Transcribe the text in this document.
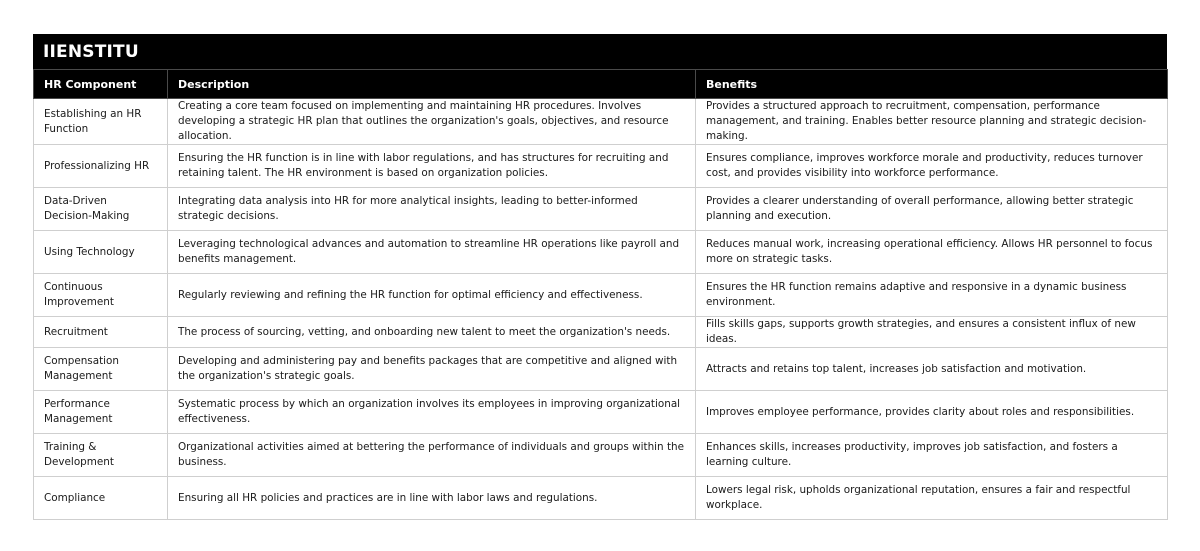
IIENSTITU
HR Component	Description	Benefits
Establishing an HR Function	Creating a core team focused on implementing and maintaining HR procedures. Involves developing a strategic HR plan that outlines the organization's goals, objectives, and resource allocation.	Provides a structured approach to recruitment, compensation, performance management, and training. Enables better resource planning and strategic decision-making.
Professionalizing HR	Ensuring the HR function is in line with labor regulations, and has structures for recruiting and retaining talent. The HR environment is based on organization policies.	Ensures compliance, improves workforce morale and productivity, reduces turnover cost, and provides visibility into workforce performance.
Data-Driven Decision-Making	Integrating data analysis into HR for more analytical insights, leading to better-informed strategic decisions.	Provides a clearer understanding of overall performance, allowing better strategic planning and execution.
Using Technology	Leveraging technological advances and automation to streamline HR operations like payroll and benefits management.	Reduces manual work, increasing operational efficiency. Allows HR personnel to focus more on strategic tasks.
Continuous Improvement	Regularly reviewing and refining the HR function for optimal efficiency and effectiveness.	Ensures the HR function remains adaptive and responsive in a dynamic business environment.
Recruitment	The process of sourcing, vetting, and onboarding new talent to meet the organization's needs.	Fills skills gaps, supports growth strategies, and ensures a consistent influx of new ideas.
Compensation Management	Developing and administering pay and benefits packages that are competitive and aligned with the organization's strategic goals.	Attracts and retains top talent, increases job satisfaction and motivation.
Performance Management	Systematic process by which an organization involves its employees in improving organizational effectiveness.	Improves employee performance, provides clarity about roles and responsibilities.
Training & Development	Organizational activities aimed at bettering the performance of individuals and groups within the business.	Enhances skills, increases productivity, improves job satisfaction, and fosters a learning culture.
Compliance	Ensuring all HR policies and practices are in line with labor laws and regulations.	Lowers legal risk, upholds organizational reputation, ensures a fair and respectful workplace.
